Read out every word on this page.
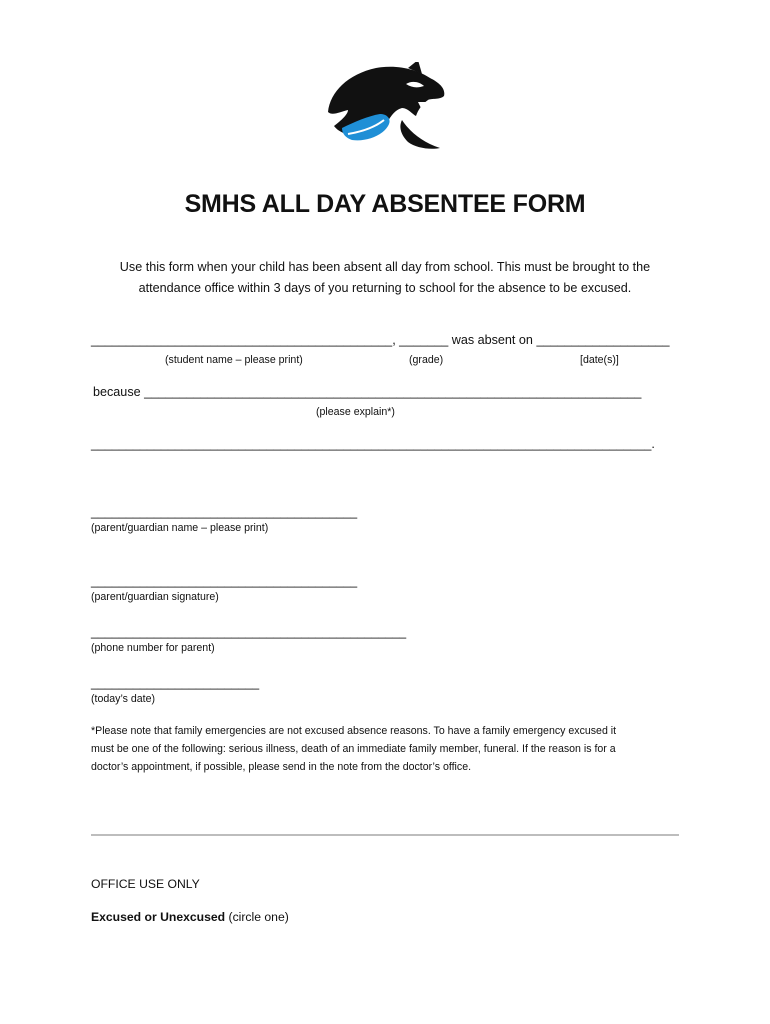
SMHS ALL DAY ABSENTEE FORM
Use this form when your child has been absent all day from school. This must be brought to the
attendance office within 3 days of you returning to school for the absence to be excused.
___________________________________________, _______ was absent on ___________________
(student name – please print)	(grade)	[date(s)]
because _______________________________________________________________________
(please explain*)
________________________________________________________________________________.
______________________________________
(parent/guardian name – please print)
______________________________________
(parent/guardian signature)
_____________________________________________
(phone number for parent)
________________________
(today’s date)
*Please note that family emergencies are not excused absence reasons. To have a family emergency excused it
must be one of the following: serious illness, death of an immediate family member, funeral. If the reason is for a
doctor’s appointment, if possible, please send in the note from the doctor’s office.
OFFICE USE ONLY
Excused or Unexcused (circle one)
